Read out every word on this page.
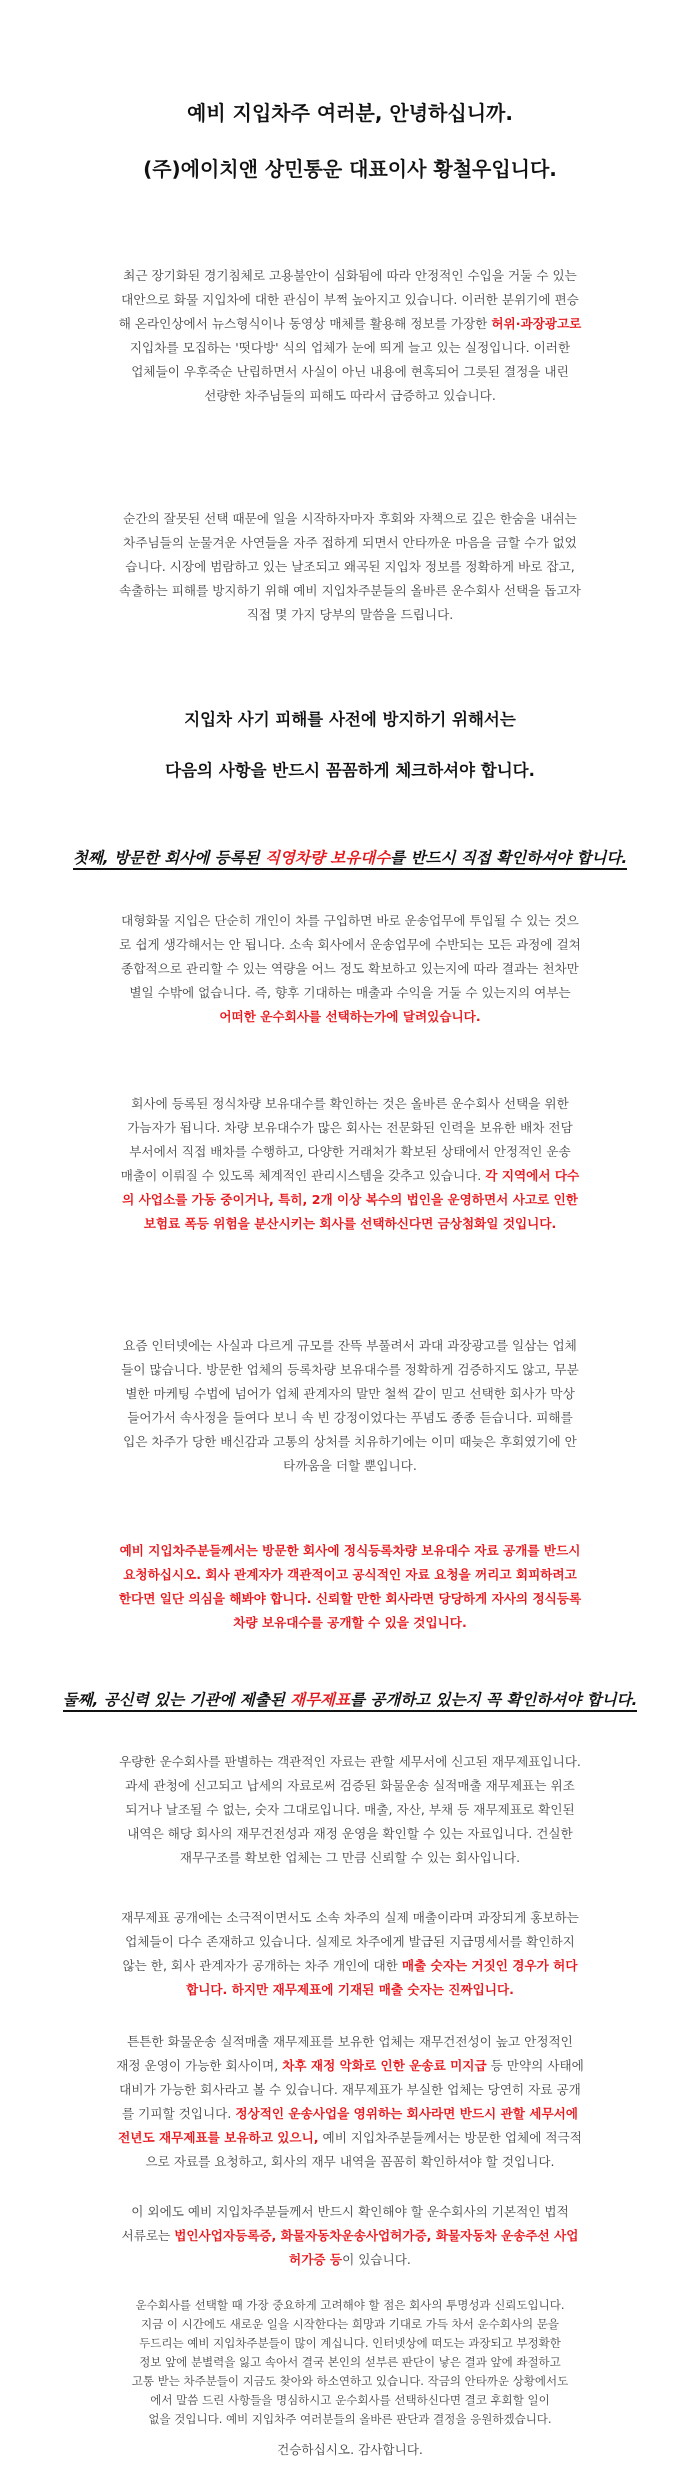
예비 지입차주 여러분, 안녕하십니까.
(주)에이치앤 상민통운 대표이사 황철우입니다.
최근 장기화된 경기침체로 고용불안이 심화됨에 따라 안정적인 수입을 거둘 수 있는
대안으로 화물 지입차에 대한 관심이 부쩍 높아지고 있습니다. 이러한 분위기에 편승
해 온라인상에서 뉴스형식이나 동영상 매체를 활용해 정보를 가장한 허위·과장광고로
지입차를 모집하는 '떳다방' 식의 업체가 눈에 띄게 늘고 있는 실정입니다. 이러한
업체들이 우후죽순 난립하면서 사실이 아닌 내용에 현혹되어 그릇된 결정을 내린
선량한 차주님들의 피해도 따라서 급증하고 있습니다.
순간의 잘못된 선택 때문에 일을 시작하자마자 후회와 자책으로 깊은 한숨을 내쉬는
차주님들의 눈물겨운 사연들을 자주 접하게 되면서 안타까운 마음을 금할 수가 없었
습니다. 시장에 범람하고 있는 날조되고 왜곡된 지입차 정보를 정확하게 바로 잡고,
속출하는 피해를 방지하기 위해 예비 지입차주분들의 올바른 운수회사 선택을 돕고자
직접 몇 가지 당부의 말씀을 드립니다.
지입차 사기 피해를 사전에 방지하기 위해서는
다음의 사항을 반드시 꼼꼼하게 체크하셔야 합니다.
첫째, 방문한 회사에 등록된 직영차량 보유대수를 반드시 직접 확인하셔야 합니다.
대형화물 지입은 단순히 개인이 차를 구입하면 바로 운송업무에 투입될 수 있는 것으
로 쉽게 생각해서는 안 됩니다. 소속 회사에서 운송업무에 수반되는 모든 과정에 걸쳐
종합적으로 관리할 수 있는 역량을 어느 정도 확보하고 있는지에 따라 결과는 천차만
별일 수밖에 없습니다. 즉, 향후 기대하는 매출과 수익을 거둘 수 있는지의 여부는
어떠한 운수회사를 선택하는가에 달려있습니다.
회사에 등록된 정식차량 보유대수를 확인하는 것은 올바른 운수회사 선택을 위한
가늠자가 됩니다. 차량 보유대수가 많은 회사는 전문화된 인력을 보유한 배차 전담
부서에서 직접 배차를 수행하고, 다양한 거래처가 확보된 상태에서 안정적인 운송
매출이 이뤄질 수 있도록 체계적인 관리시스템을 갖추고 있습니다. 각 지역에서 다수
의 사업소를 가동 중이거나, 특히, 2개 이상 복수의 법인을 운영하면서 사고로 인한
보험료 폭등 위험을 분산시키는 회사를 선택하신다면 금상첨화일 것입니다.
요즘 인터넷에는 사실과 다르게 규모를 잔뜩 부풀려서 과대 과장광고를 일삼는 업체
들이 많습니다. 방문한 업체의 등록차량 보유대수를 정확하게 검증하지도 않고, 무분
별한 마케팅 수법에 넘어가 업체 관계자의 말만 철썩 같이 믿고 선택한 회사가 막상
들어가서 속사정을 들여다 보니 속 빈 강정이었다는 푸념도 종종 듣습니다. 피해를
입은 차주가 당한 배신감과 고통의 상처를 치유하기에는 이미 때늦은 후회였기에 안
타까움을 더할 뿐입니다.
예비 지입차주분들께서는 방문한 회사에 정식등록차량 보유대수 자료 공개를 반드시
요청하십시오. 회사 관계자가 객관적이고 공식적인 자료 요청을 꺼리고 회피하려고
한다면 일단 의심을 해봐야 합니다. 신뢰할 만한 회사라면 당당하게 자사의 정식등록
차량 보유대수를 공개할 수 있을 것입니다.
둘째, 공신력 있는 기관에 제출된 재무제표를 공개하고 있는지 꼭 확인하셔야 합니다.
우량한 운수회사를 판별하는 객관적인 자료는 관할 세무서에 신고된 재무제표입니다.
과세 관청에 신고되고 납세의 자료로써 검증된 화물운송 실적매출 재무제표는 위조
되거나 날조될 수 없는, 숫자 그대로입니다. 매출, 자산, 부채 등 재무제표로 확인된
내역은 해당 회사의 재무건전성과 재정 운영을 확인할 수 있는 자료입니다. 건실한
재무구조를 확보한 업체는 그 만큼 신뢰할 수 있는 회사입니다.
재무제표 공개에는 소극적이면서도 소속 차주의 실제 매출이라며 과장되게 홍보하는
업체들이 다수 존재하고 있습니다. 실제로 차주에게 발급된 지급명세서를 확인하지
않는 한, 회사 관계자가 공개하는 차주 개인에 대한 매출 숫자는 거짓인 경우가 허다
합니다. 하지만 재무제표에 기재된 매출 숫자는 진짜입니다.
튼튼한 화물운송 실적매출 재무제표를 보유한 업체는 재무건전성이 높고 안정적인
재정 운영이 가능한 회사이며, 차후 재정 악화로 인한 운송료 미지급 등 만약의 사태에
대비가 가능한 회사라고 볼 수 있습니다. 재무제표가 부실한 업체는 당연히 자료 공개
를 기피할 것입니다. 정상적인 운송사업을 영위하는 회사라면 반드시 관할 세무서에
전년도 재무제표를 보유하고 있으니, 예비 지입차주분들께서는 방문한 업체에 적극적
으로 자료를 요청하고, 회사의 재무 내역을 꼼꼼히 확인하셔야 할 것입니다.
이 외에도 예비 지입차주분들께서 반드시 확인해야 할 운수회사의 기본적인 법적
서류로는 법인사업자등록증, 화물자동차운송사업허가증, 화물자동차 운송주선 사업
허가증 등이 있습니다.
운수회사를 선택할 때 가장 중요하게 고려해야 할 점은 회사의 투명성과 신뢰도입니다.
지금 이 시간에도 새로운 일을 시작한다는 희망과 기대로 가득 차서 운수회사의 문을
두드리는 예비 지입차주분들이 많이 계십니다. 인터넷상에 떠도는 과장되고 부정확한
정보 앞에 분별력을 잃고 속아서 결국 본인의 섣부른 판단이 낳은 결과 앞에 좌절하고
고통 받는 차주분들이 지금도 찾아와 하소연하고 있습니다. 작금의 안타까운 상황에서도
에서 말씀 드린 사항들을 명심하시고 운수회사를 선택하신다면 결코 후회할 일이
없을 것입니다. 예비 지입차주 여러분들의 올바른 판단과 결정을 응원하겠습니다.
건승하십시오. 감사합니다.
